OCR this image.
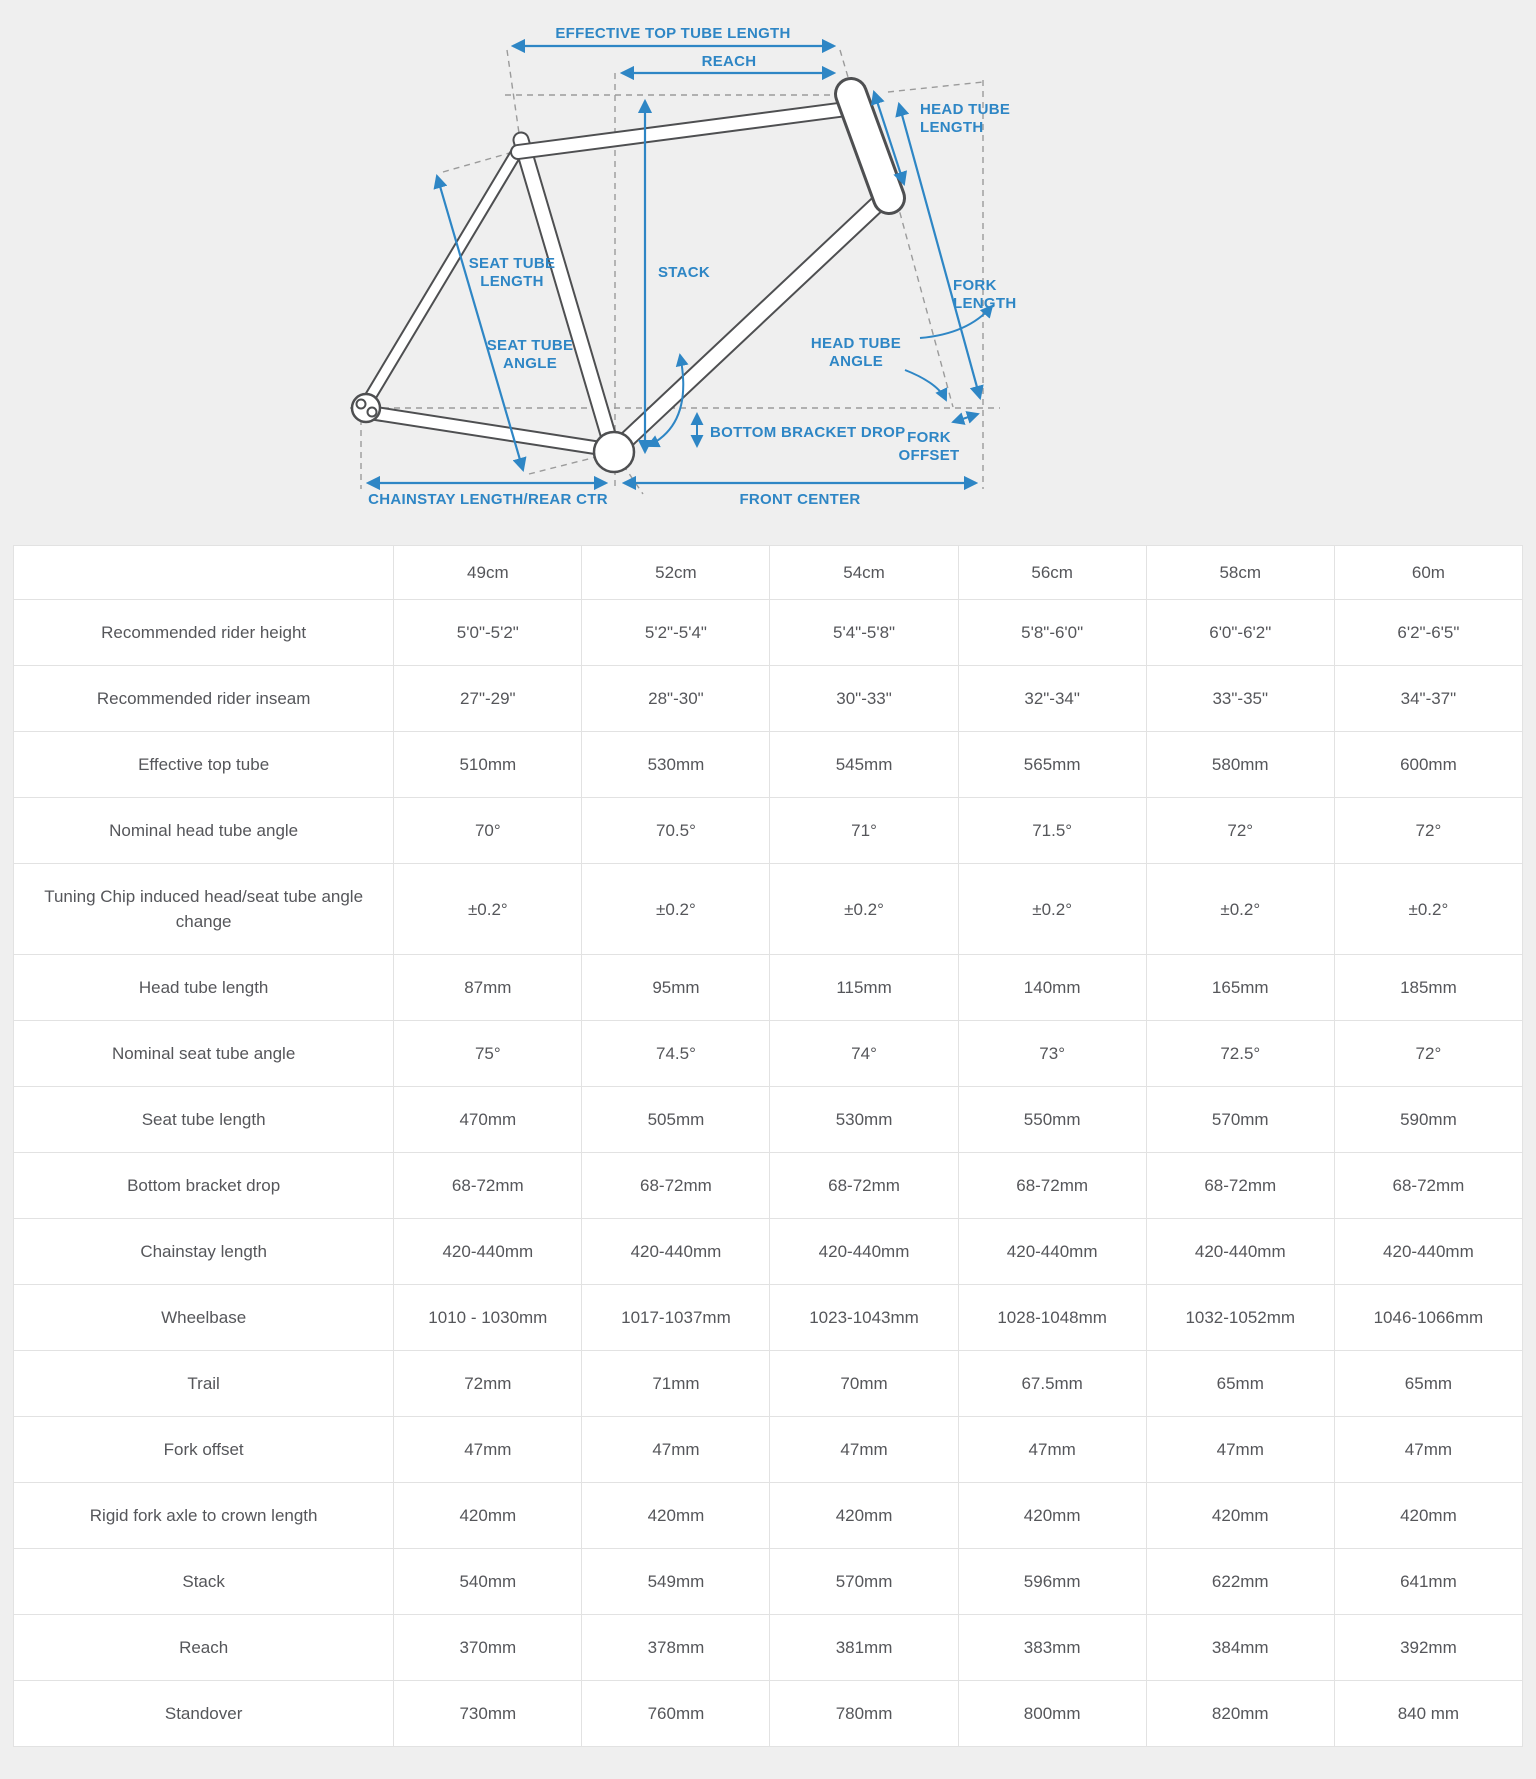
EFFECTIVE TOP TUBE LENGTH
REACH
HEAD TUBE
LENGTH
STACK
SEAT TUBE
LENGTH
SEAT TUBE
ANGLE
HEAD TUBE
ANGLE
FORK
LENGTH
BOTTOM BRACKET DROP FORK
OFFSET
CHAINSTAY LENGTH/REAR CTR	FRONT CENTER
	49cm	52cm	54cm	56cm	58cm	60m
Recommended rider height	5'0"-5'2"	5'2"-5'4"	5'4"-5'8"	5'8"-6'0"	6'0"-6'2"	6'2"-6'5"
Recommended rider inseam	27"-29"	28"-30"	30"-33"	32"-34"	33"-35"	34"-37"
Effective top tube	510mm	530mm	545mm	565mm	580mm	600mm
Nominal head tube angle	70°	70.5°	71°	71.5°	72°	72°
Tuning Chip induced head/seat tube angle change	±0.2°	±0.2°	±0.2°	±0.2°	±0.2°	±0.2°
Head tube length	87mm	95mm	115mm	140mm	165mm	185mm
Nominal seat tube angle	75°	74.5°	74°	73°	72.5°	72°
Seat tube length	470mm	505mm	530mm	550mm	570mm	590mm
Bottom bracket drop	68-72mm	68-72mm	68-72mm	68-72mm	68-72mm	68-72mm
Chainstay length	420-440mm	420-440mm	420-440mm	420-440mm	420-440mm	420-440mm
Wheelbase	1010 - 1030mm	1017-1037mm	1023-1043mm	1028-1048mm	1032-1052mm	1046-1066mm
Trail	72mm	71mm	70mm	67.5mm	65mm	65mm
Fork offset	47mm	47mm	47mm	47mm	47mm	47mm
Rigid fork axle to crown length	420mm	420mm	420mm	420mm	420mm	420mm
Stack	540mm	549mm	570mm	596mm	622mm	641mm
Reach	370mm	378mm	381mm	383mm	384mm	392mm
Standover	730mm	760mm	780mm	800mm	820mm	840 mm
